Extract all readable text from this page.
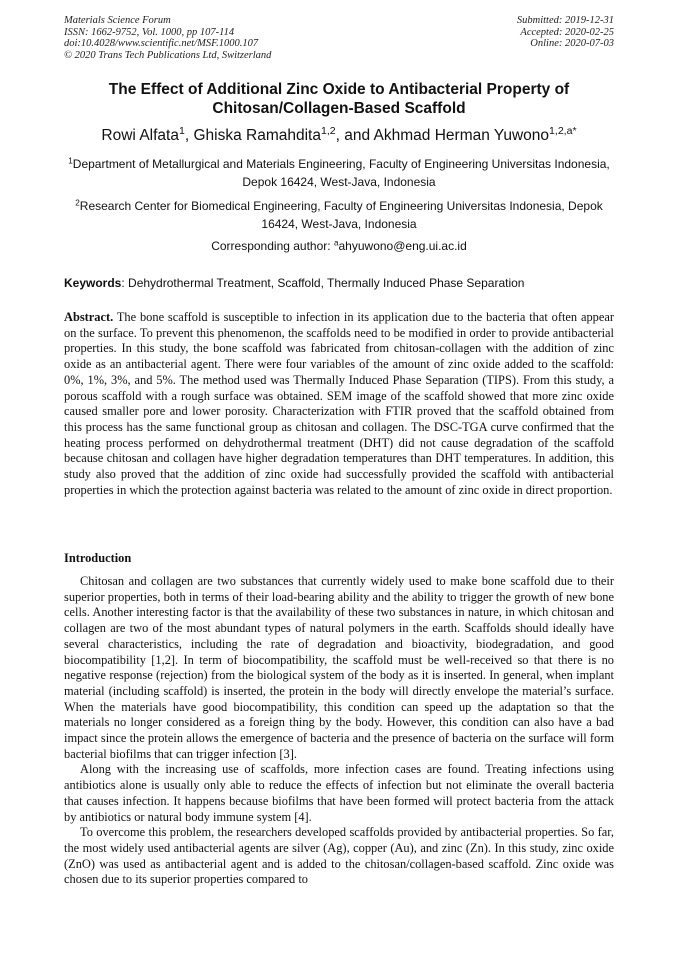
Materials Science Forum
ISSN: 1662-9752, Vol. 1000, pp 107-114
doi:10.4028/www.scientific.net/MSF.1000.107
© 2020 Trans Tech Publications Ltd, Switzerland
Submitted: 2019-12-31
Accepted: 2020-02-25
Online: 2020-07-03
The Effect of Additional Zinc Oxide to Antibacterial Property of Chitosan/Collagen-Based Scaffold
Rowi Alfata$^1$, Ghiska Ramahdita$^{1,2}$, and Akhmad Herman Yuwono$^{1,2,a*}$
$^1$Department of Metallurgical and Materials Engineering, Faculty of Engineering Universitas Indonesia, Depok 16424, West-Java, Indonesia
$^2$Research Center for Biomedical Engineering, Faculty of Engineering Universitas Indonesia, Depok 16424, West-Java, Indonesia
Corresponding author: $^a$ahyuwono@eng.ui.ac.id
Keywords: Dehydrothermal Treatment, Scaffold, Thermally Induced Phase Separation

Abstract. The bone scaffold is susceptible to infection in its application due to the bacteria that often appear on the surface. To prevent this phenomenon, the scaffolds need to be modified in order to provide antibacterial properties. In this study, the bone scaffold was fabricated from chitosan-collagen with the addition of zinc oxide as an antibacterial agent. There were four variables of the amount of zinc oxide added to the scaffold: 0%, 1%, 3%, and 5%. The method used was Thermally Induced Phase Separation (TIPS). From this study, a porous scaffold with a rough surface was obtained. SEM image of the scaffold showed that more zinc oxide caused smaller pore and lower porosity. Characterization with FTIR proved that the scaffold obtained from this process has the same functional group as chitosan and collagen. The DSC-TGA curve confirmed that the heating process performed on dehydrothermal treatment (DHT) did not cause degradation of the scaffold because chitosan and collagen have higher degradation temperatures than DHT temperatures. In addition, this study also proved that the addition of zinc oxide had successfully provided the scaffold with antibacterial properties in which the protection against bacteria was related to the amount of zinc oxide in direct proportion.

Introduction

Chitosan and collagen are two substances that currently widely used to make bone scaffold due to their superior properties, both in terms of their load-bearing ability and the ability to trigger the growth of new bone cells. Another interesting factor is that the availability of these two substances in nature, in which chitosan and collagen are two of the most abundant types of natural polymers in the earth. Scaffolds should ideally have several characteristics, including the rate of degradation and bioactivity, biodegradation, and good biocompatibility [1,2]. In term of biocompatibility, the scaffold must be well-received so that there is no negative response (rejection) from the biological system of the body as it is inserted. In general, when implant material (including scaffold) is inserted, the protein in the body will directly envelope the material’s surface. When the materials have good biocompatibility, this condition can speed up the adaptation so that the materials no longer considered as a foreign thing by the body. However, this condition can also have a bad impact since the protein allows the emergence of bacteria and the presence of bacteria on the surface will form bacterial biofilms that can trigger infection [3].

Along with the increasing use of scaffolds, more infection cases are found. Treating infections using antibiotics alone is usually only able to reduce the effects of infection but not eliminate the overall bacteria that causes infection. It happens because biofilms that have been formed will protect bacteria from the attack by antibiotics or natural body immune system [4].

To overcome this problem, the researchers developed scaffolds provided by antibacterial properties. So far, the most widely used antibacterial agents are silver (Ag), copper (Au), and zinc (Zn). In this study, zinc oxide (ZnO) was used as antibacterial agent and is added to the chitosan/collagen-based scaffold. Zinc oxide was chosen due to its superior properties compared to
